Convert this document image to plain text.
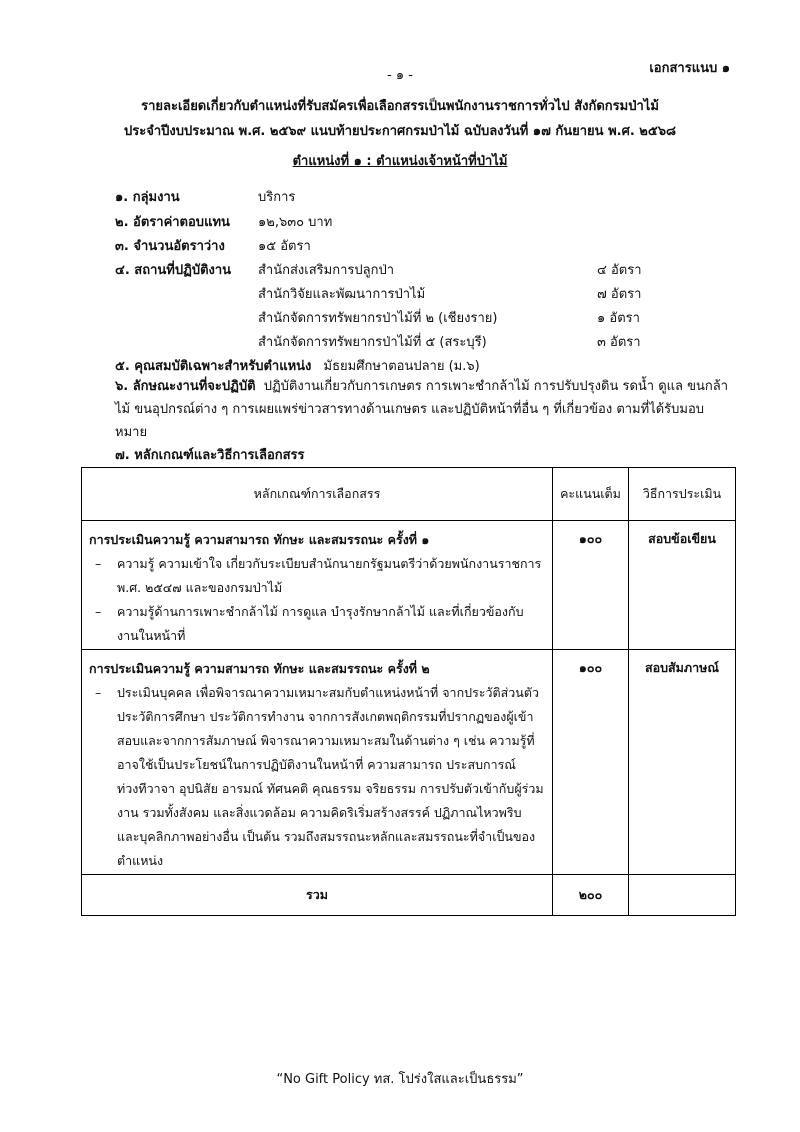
เอกสารแนบ ๑
- ๑ -
รายละเอียดเกี่ยวกับตำแหน่งที่รับสมัครเพื่อเลือกสรรเป็นพนักงานราชการทั่วไป สังกัดกรมป่าไม้
ประจำปีงบประมาณ พ.ศ. ๒๕๖๙ แนบท้ายประกาศกรมป่าไม้ ฉบับลงวันที่ ๑๗ กันยายน พ.ศ. ๒๕๖๘
ตำแหน่งที่ ๑ : ตำแหน่งเจ้าหน้าที่ป่าไม้
๑. กลุ่มงาน	บริการ
๒. อัตราค่าตอบแทน ๑๒,๖๓๐ บาท
๓. จำนวนอัตราว่าง	๑๕ อัตรา
๔. สถานที่ปฏิบัติงาน สำนักส่งเสริมการปลูกป่า	๔ อัตรา
สำนักวิจัยและพัฒนาการป่าไม้	๗ อัตรา
สำนักจัดการทรัพยากรป่าไม้ที่ ๒ (เชียงราย)	๑ อัตรา
สำนักจัดการทรัพยากรป่าไม้ที่ ๕ (สระบุรี)	๓ อัตรา
๕. คุณสมบัติเฉพาะสำหรับตำแหน่ง มัธยมศึกษาตอนปลาย (ม.๖)
๖. ลักษณะงานที่จะปฏิบัติ ปฏิบัติงานเกี่ยวกับการเกษตร การเพาะชำกล้าไม้ การปรับปรุงดิน รดน้ำ ดูแล ขนกล้าไม้ ขนอุปกรณ์ต่าง ๆ การเผยแพร่ข่าวสารทางด้านเกษตร และปฏิบัติหน้าที่อื่น ๆ ที่เกี่ยวข้อง ตามที่ได้รับมอบหมาย
๗. หลักเกณฑ์และวิธีการเลือกสรร
หลักเกณฑ์การเลือกสรร	คะแนนเต็ม	วิธีการประเมิน

การประเมินความรู้ ความสามารถ ทักษะ และสมรรถนะ ครั้งที่ ๑
– ความรู้ ความเข้าใจ เกี่ยวกับระเบียบสำนักนายกรัฐมนตรีว่าด้วยพนักงานราชการ พ.ศ. ๒๕๔๗ และของกรมป่าไม้
– ความรู้ด้านการเพาะชำกล้าไม้ การดูแล บำรุงรักษากล้าไม้ และที่เกี่ยวข้องกับงานในหน้าที่	๑๐๐	สอบข้อเขียน

การประเมินความรู้ ความสามารถ ทักษะ และสมรรถนะ ครั้งที่ ๒
– ประเมินบุคคล เพื่อพิจารณาความเหมาะสมกับตำแหน่งหน้าที่ จากประวัติส่วนตัว ประวัติการศึกษา ประวัติการทำงาน จากการสังเกตพฤติกรรมที่ปรากฏของผู้เข้าสอบและจากการสัมภาษณ์ พิจารณาความเหมาะสมในด้านต่าง ๆ เช่น ความรู้ที่อาจใช้เป็นประโยชน์ในการปฏิบัติงานในหน้าที่ ความสามารถ ประสบการณ์ ท่วงทีวาจา อุปนิสัย อารมณ์ ทัศนคติ คุณธรรม จริยธรรม การปรับตัวเข้ากับผู้ร่วมงาน รวมทั้งสังคม และสิ่งแวดล้อม ความคิดริเริ่มสร้างสรรค์ ปฏิภาณไหวพริบ และบุคลิกภาพอย่างอื่น เป็นต้น รวมถึงสมรรถนะหลักและสมรรถนะที่จำเป็นของตำแหน่ง	๑๐๐	สอบสัมภาษณ์
รวม	๒๐๐	
“No Gift Policy ทส. โปร่งใสและเป็นธรรม”
